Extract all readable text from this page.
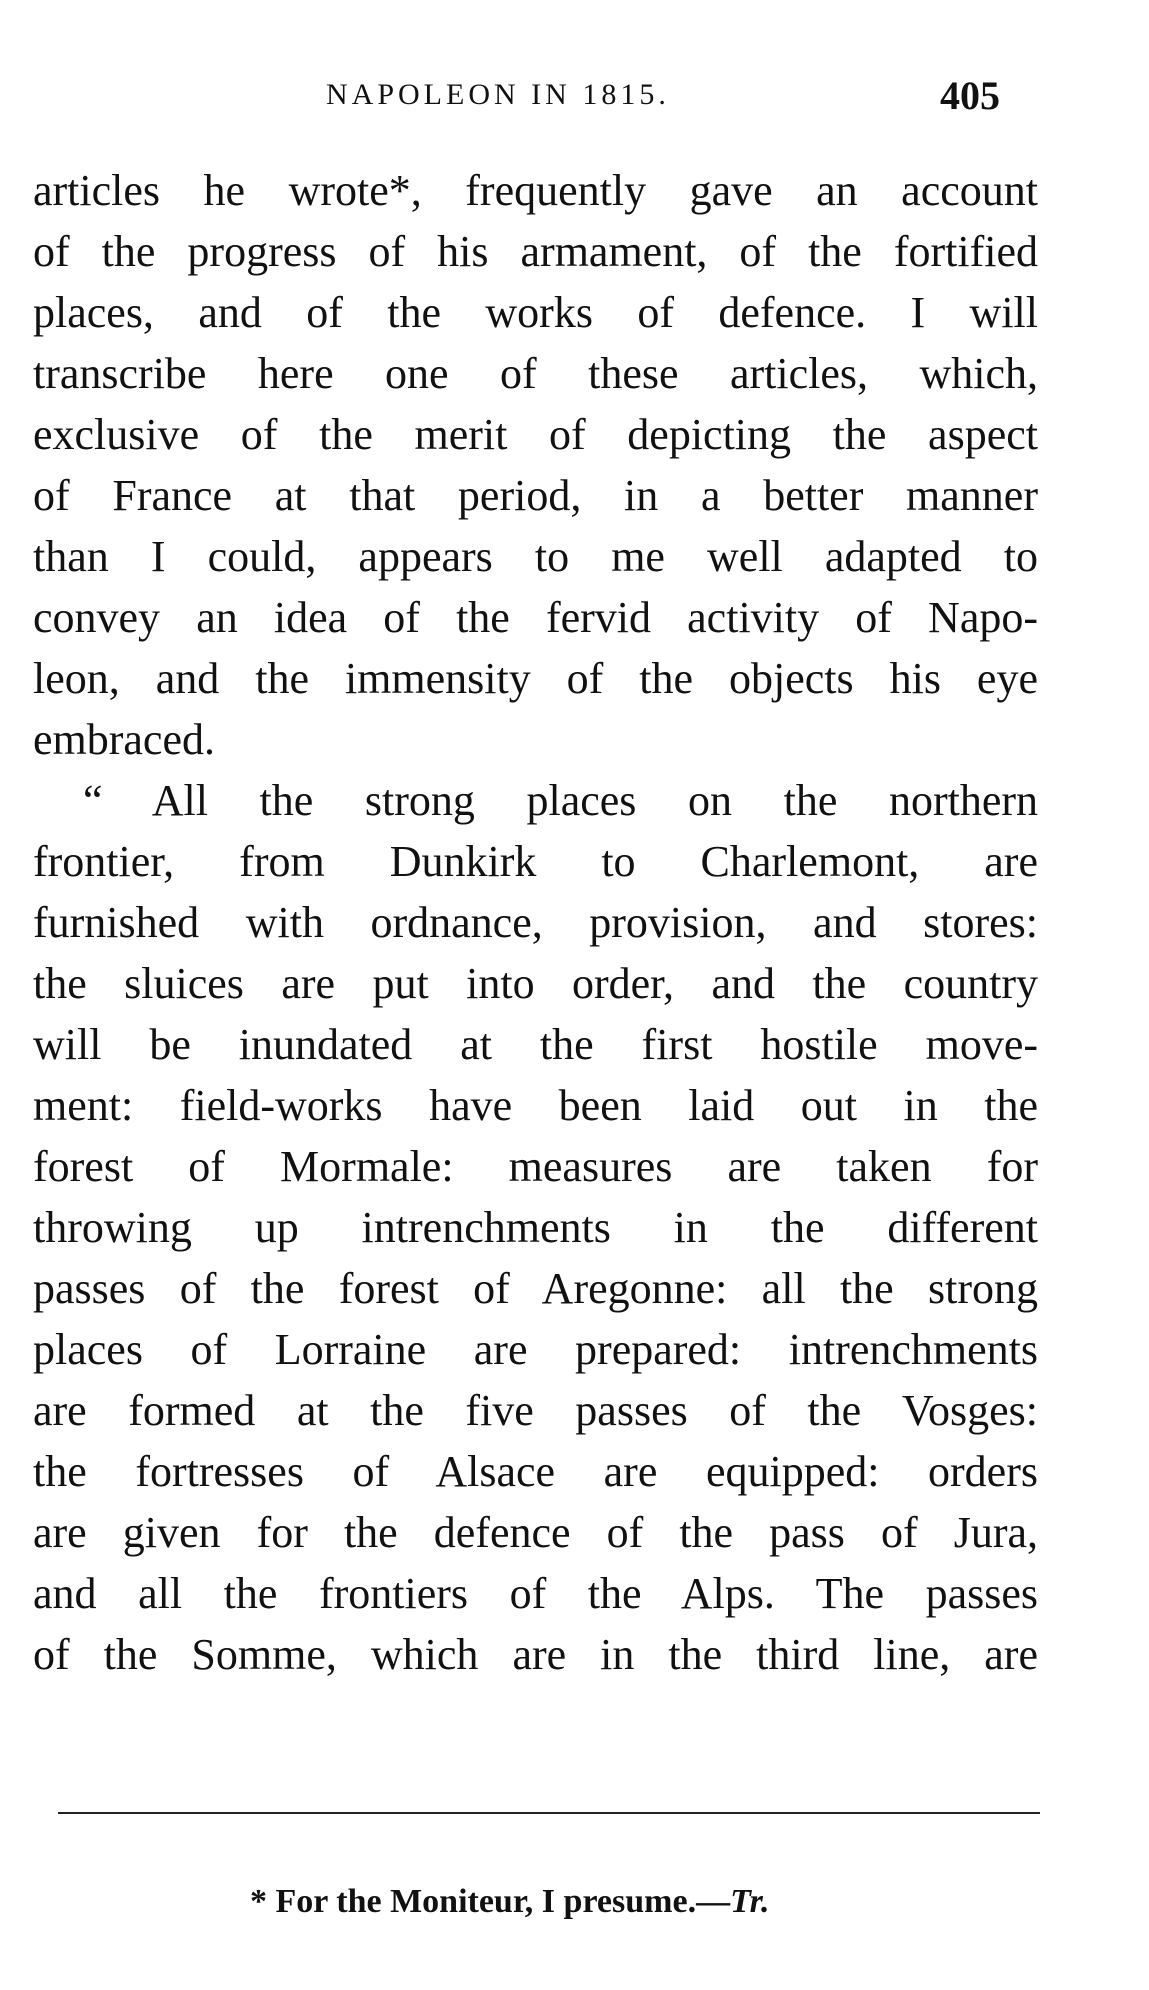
NAPOLEON IN 1815.	405
articles he wrote*, frequently gave an account
of the progress of his armament, of the fortified
places, and of the works of defence. I will
transcribe here one of these articles, which,
exclusive of the merit of depicting the aspect
of France at that period, in a better manner
than I could, appears to me well adapted to
convey an idea of the fervid activity of Napo-
leon, and the immensity of the objects his eye
embraced.
“ All the strong places on the northern
frontier, from Dunkirk to Charlemont, are
furnished with ordnance, provision, and stores:
the sluices are put into order, and the country
will be inundated at the first hostile move-
ment: field-works have been laid out in the
forest of Mormale: measures are taken for
throwing up intrenchments in the different
passes of the forest of Aregonne: all the strong
places of Lorraine are prepared: intrenchments
are formed at the five passes of the Vosges:
the fortresses of Alsace are equipped: orders
are given for the defence of the pass of Jura,
and all the frontiers of the Alps. The passes
of the Somme, which are in the third line, are
* For the Moniteur, I presume.—Tr.
